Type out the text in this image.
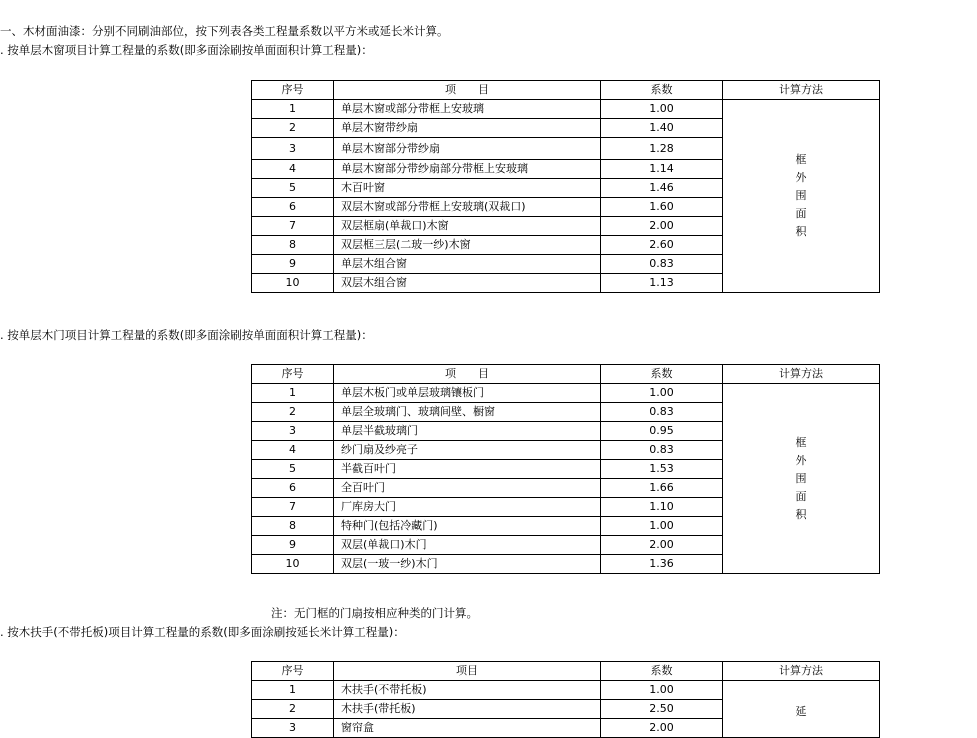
一、木材面油漆：分别不同刷油部位，按下列表各类工程量系数以平方米或延长米计算。
. 按单层木窗项目计算工程量的系数(即多面涂刷按单面面积计算工程量)：
序号	项　　目	系数	计算方法
1	单层木窗或部分带框上安玻璃	1.00	框外围面积
2	单层木窗带纱扇	1.40	
3	单层木窗部分带纱扇	1.28	
4	单层木窗部分带纱扇部分带框上安玻璃	1.14	
5	木百叶窗	1.46	
6	双层木窗或部分带框上安玻璃(双裁口)	1.60	
7	双层框扇(单裁口)木窗	2.00	
8	双层框三层(二玻一纱)木窗	2.60	
9	单层木组合窗	0.83	
10	双层木组合窗	1.13	
. 按单层木门项目计算工程量的系数(即多面涂刷按单面面积计算工程量)：
序号	项　　目	系数	计算方法
1	单层木板门或单层玻璃镶板门	1.00	框外围面积
2	单层全玻璃门、玻璃间壁、橱窗	0.83	
3	单层半截玻璃门	0.95	
4	纱门扇及纱亮子	0.83	
5	半截百叶门	1.53	
6	全百叶门	1.66	
7	厂库房大门	1.10	
8	特种门(包括冷藏门)	1.00	
9	双层(单裁口)木门	2.00	
10	双层(一玻一纱)木门	1.36	
注：无门框的门扇按相应种类的门计算。
. 按木扶手(不带托板)项目计算工程量的系数(即多面涂刷按延长米计算工程量)：
序号	项目	系数	计算方法
1	木扶手(不带托板)	1.00	延
2	木扶手(带托板)	2.50	
3	窗帘盒	2.00	
